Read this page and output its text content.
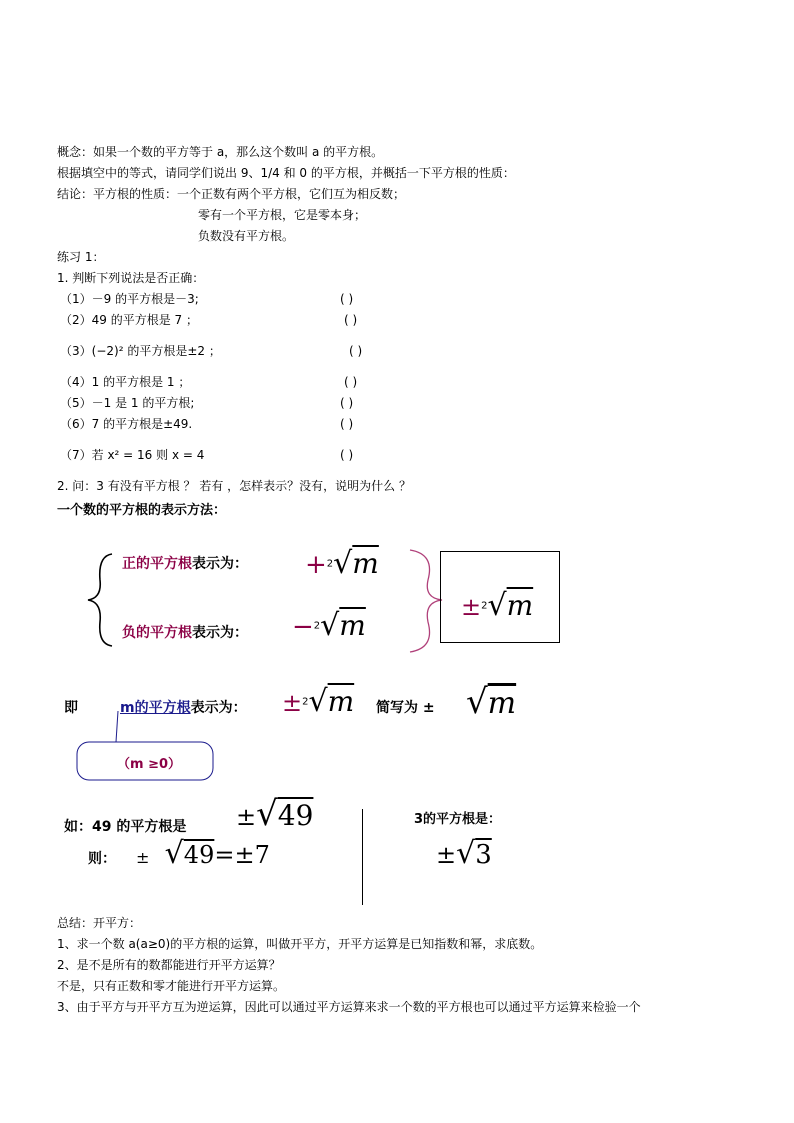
概念：如果一个数的平方等于 a，那么这个数叫 a 的平方根。
根据填空中的等式，请同学们说出 9、1/4 和 0 的平方根，并概括一下平方根的性质：
结论：平方根的性质：一个正数有两个平方根，它们互为相反数；
零有一个平方根，它是零本身；
负数没有平方根。
练习 1：
1. 判断下列说法是否正确：
（1）－9 的平方根是－3;	( )
（2）49 的平方根是 7 ；	( )
（3）(−2)² 的平方根是±2 ；	( )
（4）1 的平方根是 1 ；	( )
（5）－1 是 1 的平方根;	( )
（6）7 的平方根是±49.	( )
（7）若 x² = 16 则 x = 4	( )
2. 问：3 有没有平方根 ？ 若有 ，怎样表示？没有，说明为什么 ？
一个数的平方根的表示方法：
正的平方根表示为：
负的平方根表示为：
+$^2$√m
−$^2$√m
±$^2$√m
即	m的平方根表示为： ±$^2$√m 简写为 ± √m
（m ≥0）
如：49 的平方根是 ±√49
则： ± √49=±7
3的平方根是：
±√3
总结：开平方：
1、求一个数 a(a≥0)的平方根的运算，叫做开平方，开平方运算是已知指数和幂，求底数。
2、是不是所有的数都能进行开平方运算？
不是，只有正数和零才能进行开平方运算。
3、由于平方与开平方互为逆运算，因此可以通过平方运算来求一个数的平方根也可以通过平方运算来检验一个
